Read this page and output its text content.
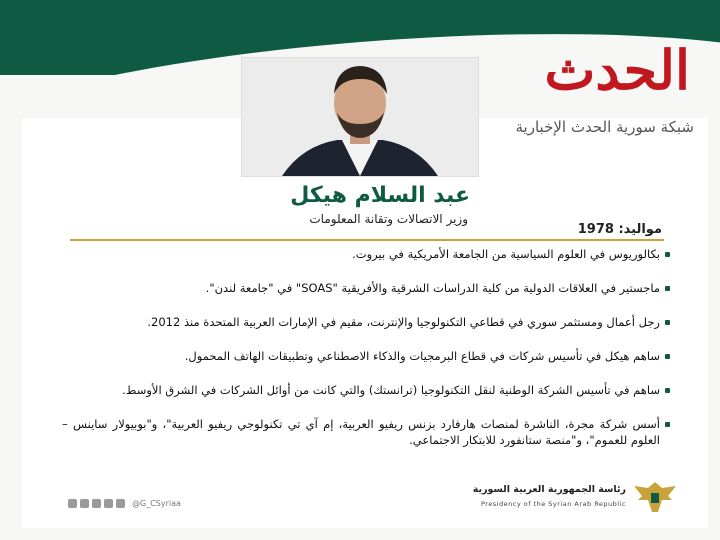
الحدث
شبكة سورية الحدث الإخبارية
عبد السلام هيكل
وزير الاتصالات وتقانة المعلومات
مواليد: 1978
بكالوريوس في العلوم السياسية من الجامعة الأمريكية في بيروت.
ماجستير في العلاقات الدولية من كلية الدراسات الشرقية والأفريقية "SOAS" في "جامعة لندن".
رجل أعمال ومستثمر سوري في قطاعي التكنولوجيا والإنترنت، مقيم في الإمارات العربية المتحدة منذ 2012.
ساهم هيكل في تأسيس شركات في قطاع البرمجيات والذكاء الاصطناعي وتطبيقات الهاتف المحمول.
ساهم في تأسيس الشركة الوطنية لنقل التكنولوجيا (ترانستك) والتي كانت من أوائل الشركات في الشرق الأوسط.
أسس شركة مجرة، الناشرة لمنصات هارفارد بزنس ريفيو العربية، إم آي تي تكنولوجي ريفيو العربية"، و"بوبيولار ساينس – العلوم للعموم"، و"منصة ستانفورد للابتكار الاجتماعي.
@G_CSyriaa
رئاسة الجمهورية العربية السورية
Presidency of the Syrian Arab Republic
